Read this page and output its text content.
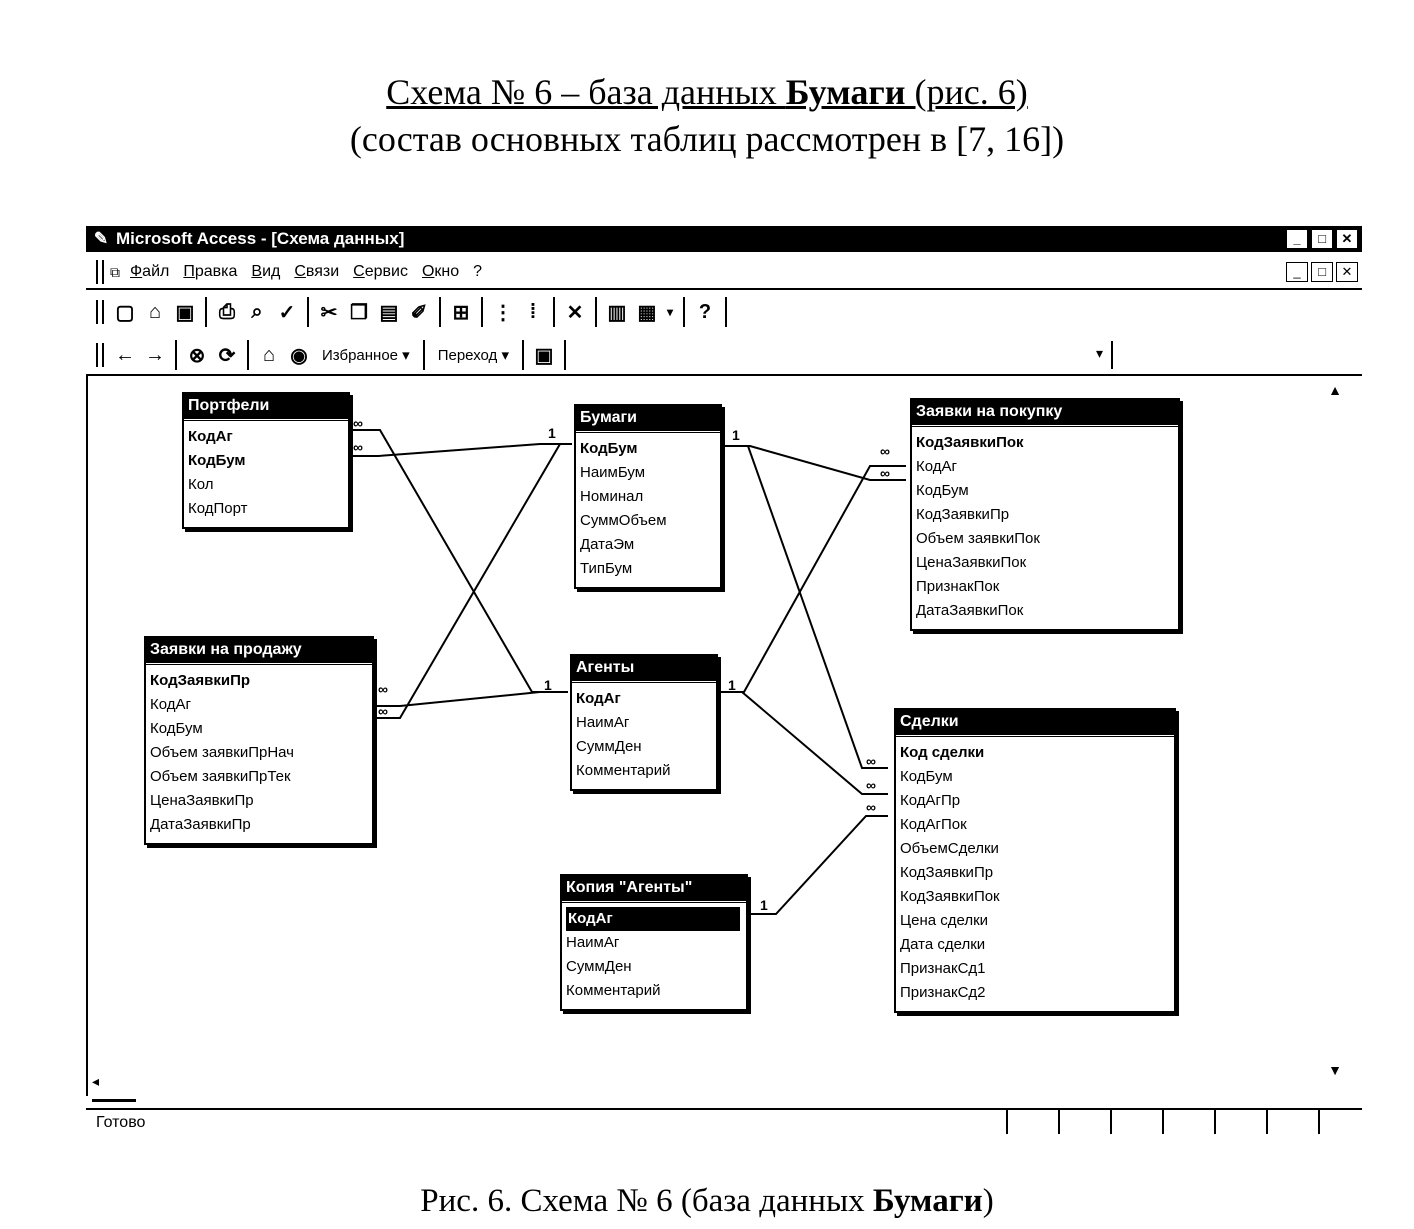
Схема № 6 – база данных Бумаги (рис. 6)
(состав основных таблиц рассмотрен в [7, 16])
✎ Microsoft Access - [Схема данных]	_	□	✕
⧉ Файл Правка Вид Связи Сервис Окно ?	_	□	✕
▢ ⌂ ▣	⎙ ⌕ ✓	✂ ❐ ▤ ✐	⊞	⋮ ⁞	✕	▥ ▦ ▾	?
← →	⊗ ⟳	⌂ ◉ Избранное ▾ Переход ▾ ▣	▾
▲
▼
◂
∞
∞
1	1
1	1
1
∞
∞
∞
∞
∞
∞
∞
Портфели
КодАг
КодБум
Кол
КодПорт
Бумаги
КодБум
НаимБум
Номинал
СуммОбъем
ДатаЭм
ТипБум
Заявки на покупку
КодЗаявкиПок
КодАг
КодБум
КодЗаявкиПр
Объем заявкиПок
ЦенаЗаявкиПок
ПризнакПок
ДатаЗаявкиПок
Заявки на продажу
КодЗаявкиПр
КодАг
КодБум
Объем заявкиПрНач
Объем заявкиПрТек
ЦенаЗаявкиПр
ДатаЗаявкиПр
Агенты
КодАг
НаимАг
СуммДен
Комментарий
Сделки
Код сделки
КодБум
КодАгПр
КодАгПок
ОбъемСделки
КодЗаявкиПр
КодЗаявкиПок
Цена сделки
Дата сделки
ПризнакСд1
ПризнакСд2
Копия "Агенты"
КодАг
НаимАг
СуммДен
Комментарий
Готово
Рис. 6. Схема № 6 (база данных Бумаги)
